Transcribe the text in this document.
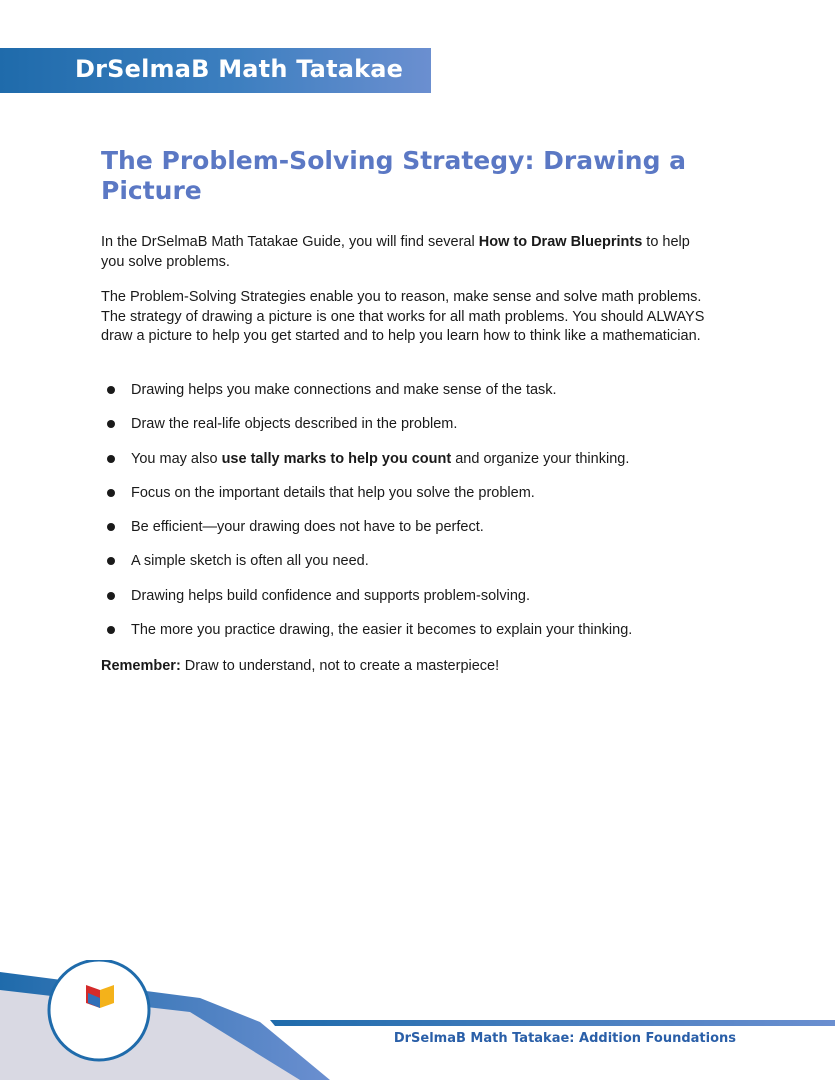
DrSelmaB Math Tatakae
The Problem-Solving Strategy: Drawing a Picture

In the DrSelmaB Math Tatakae Guide, you will find several How to Draw Blueprints to help you solve problems.

The Problem-Solving Strategies enable you to reason, make sense and solve math problems. The strategy of drawing a picture is one that works for all math problems. You should ALWAYS draw a picture to help you get started and to help you learn how to think like a mathematician.

Drawing helps you make connections and make sense of the task.
Draw the real-life objects described in the problem.
You may also use tally marks to help you count and organize your thinking.
Focus on the important details that help you solve the problem.
Be efficient—your drawing does not have to be perfect.
A simple sketch is often all you need.
Drawing helps build confidence and supports problem-solving.
The more you practice drawing, the easier it becomes to explain your thinking.
Remember: Draw to understand, not to create a masterpiece!
DrSelmaB Math Tatakae: Addition Foundations
